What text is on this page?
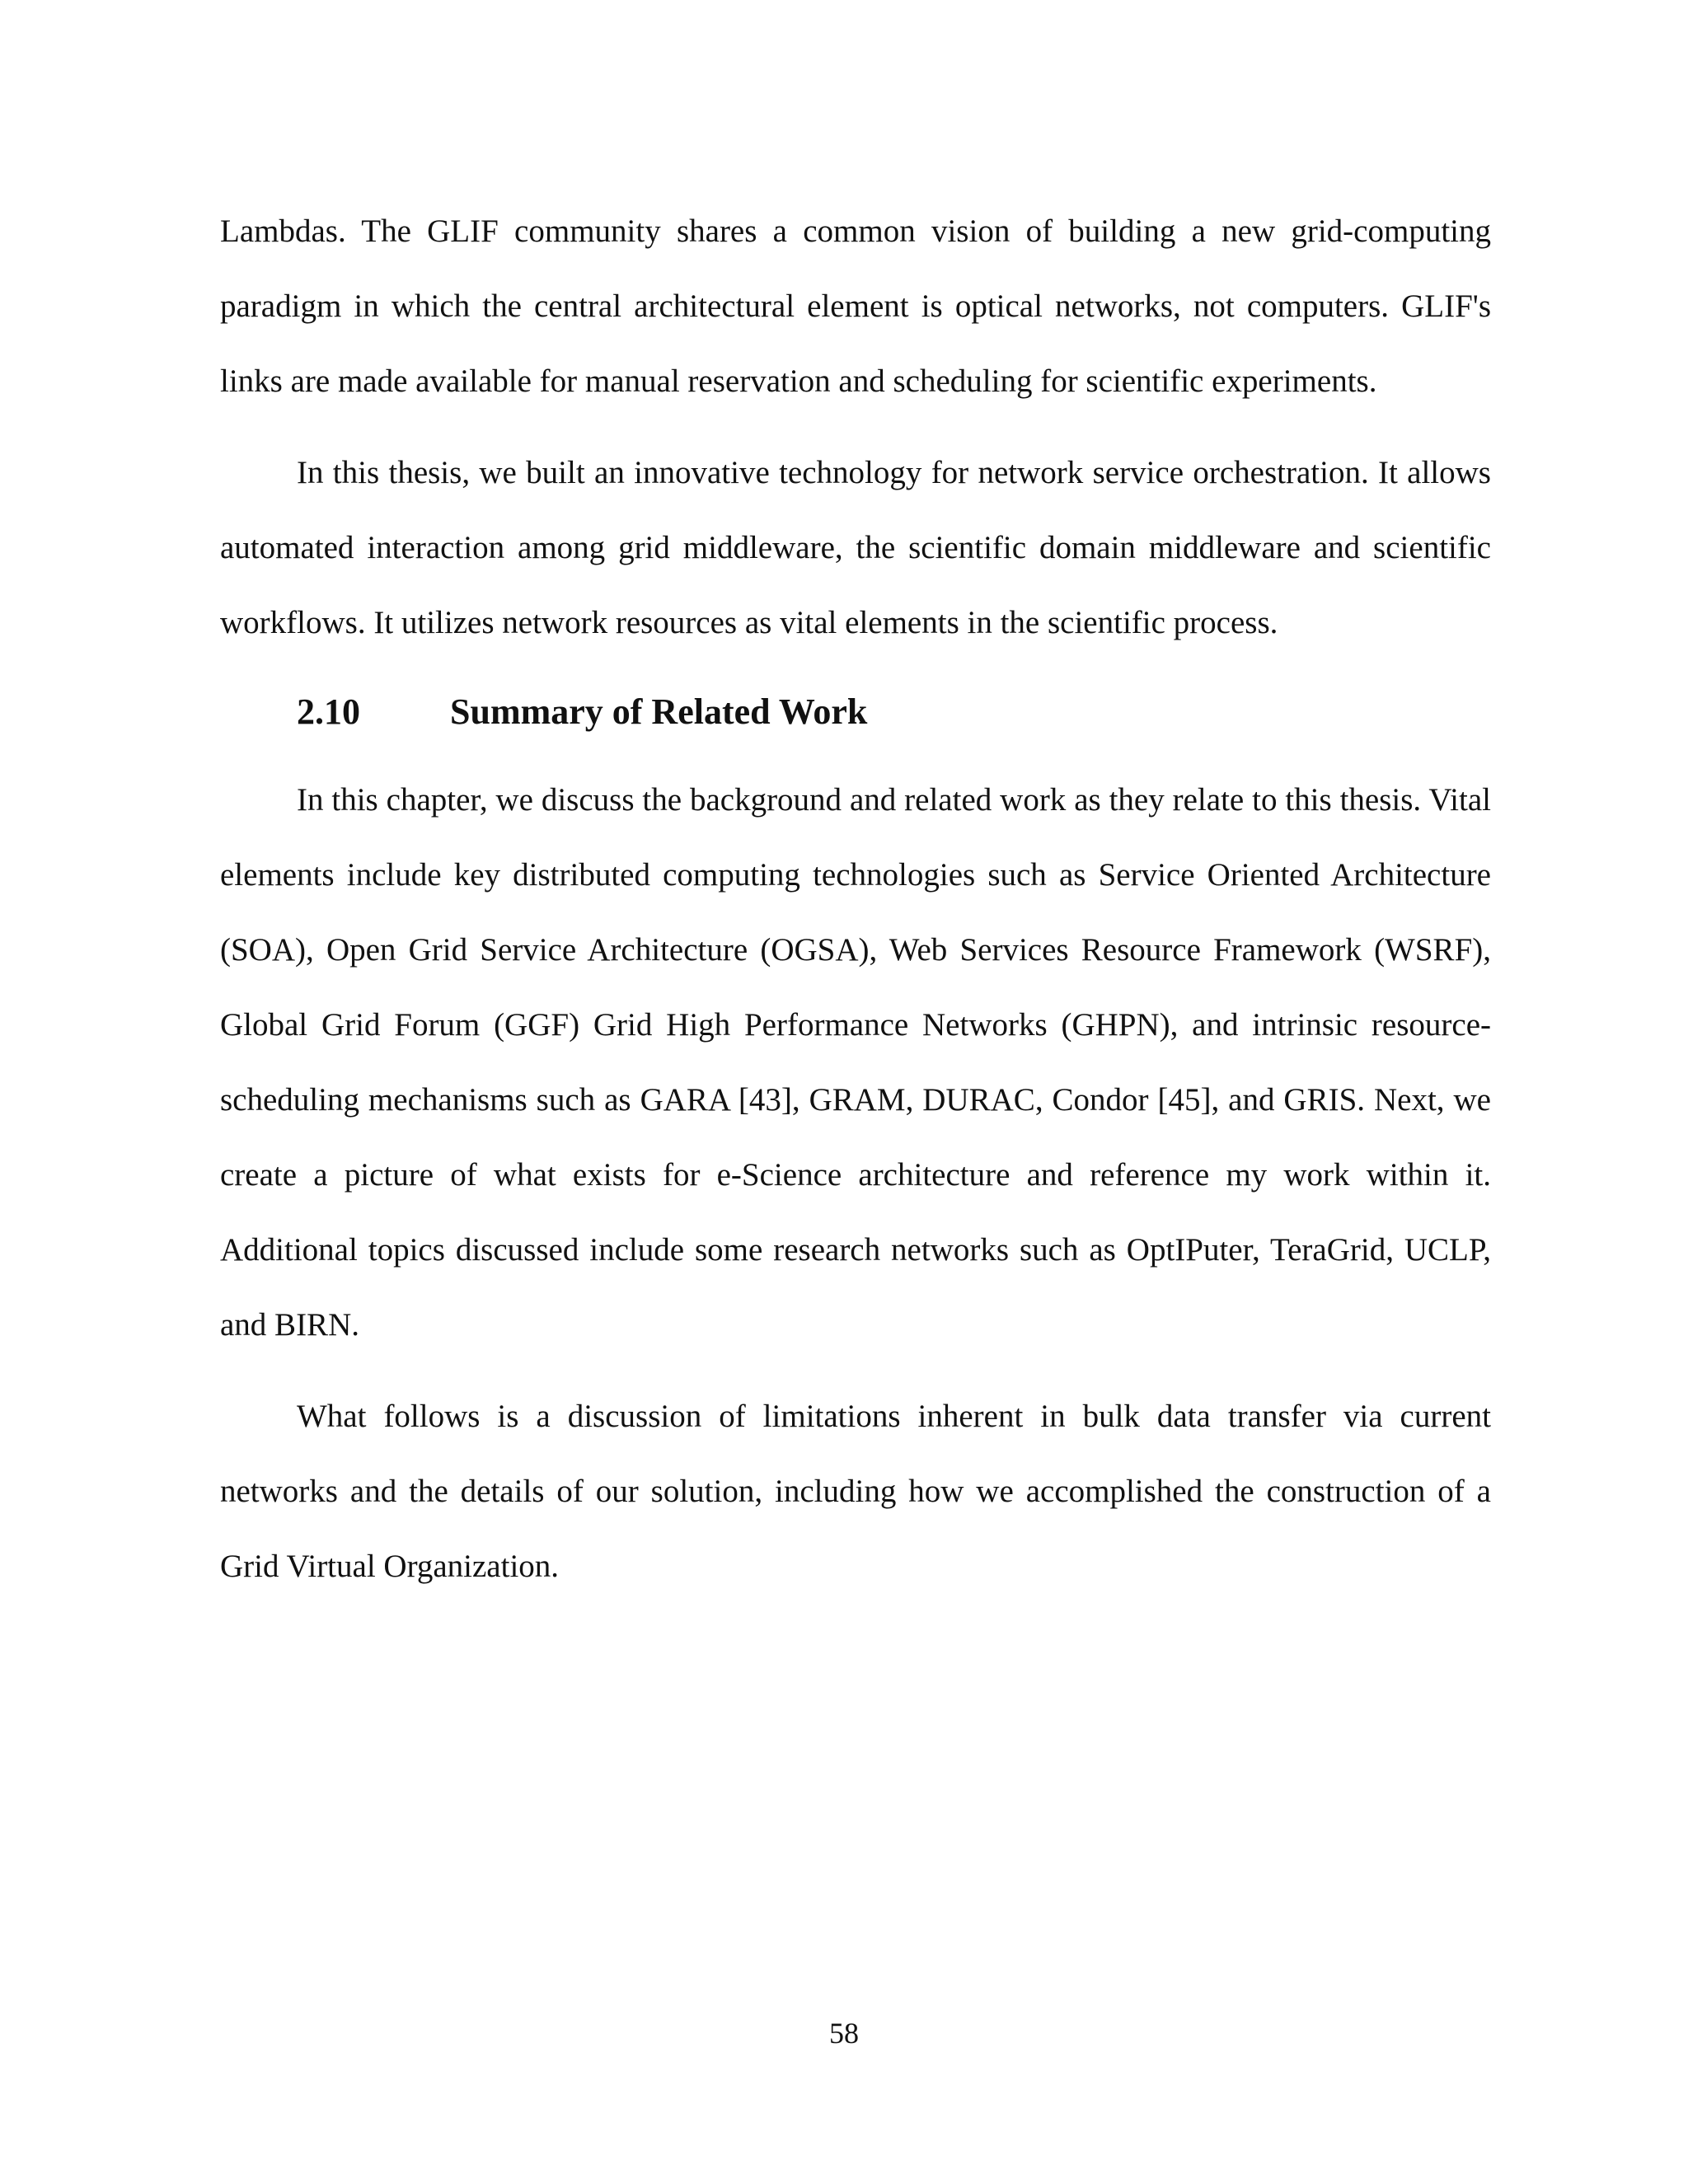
Lambdas. The GLIF community shares a common vision of building a new grid-computing paradigm in which the central architectural element is optical networks, not computers. GLIF's links are made available for manual reservation and scheduling for scientific experiments.

In this thesis, we built an innovative technology for network service orchestration. It allows automated interaction among grid middleware, the scientific domain middleware and scientific workflows. It utilizes network resources as vital elements in the scientific process.

2.10	Summary of Related Work

In this chapter, we discuss the background and related work as they relate to this thesis. Vital elements include key distributed computing technologies such as Service Oriented Architecture (SOA), Open Grid Service Architecture (OGSA), Web Services Resource Framework (WSRF), Global Grid Forum (GGF) Grid High Performance Networks (GHPN), and intrinsic resource-scheduling mechanisms such as GARA [43], GRAM, DURAC, Condor [45], and GRIS. Next, we create a picture of what exists for e-Science architecture and reference my work within it. Additional topics discussed include some research networks such as OptIPuter, TeraGrid, UCLP, and BIRN.

What follows is a discussion of limitations inherent in bulk data transfer via current networks and the details of our solution, including how we accomplished the construction of a Grid Virtual Organization.

58
